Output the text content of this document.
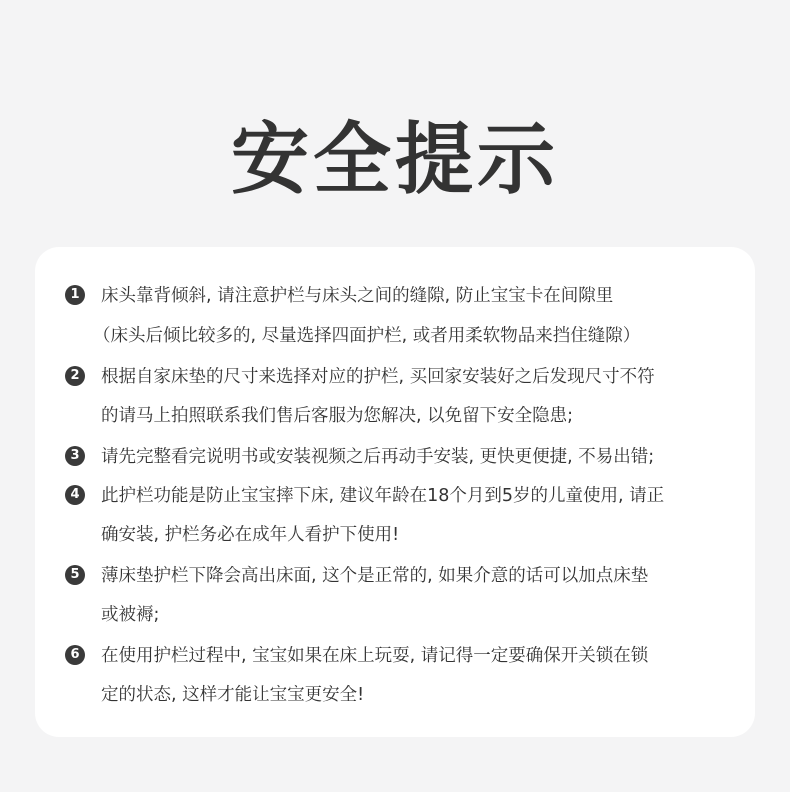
安全提示
1	床头靠背倾斜, 请注意护栏与床头之间的缝隙, 防止宝宝卡在间隙里
（床头后倾比较多的, 尽量选择四面护栏, 或者用柔软物品来挡住缝隙）
2	根据自家床垫的尺寸来选择对应的护栏, 买回家安装好之后发现尺寸不符
的请马上拍照联系我们售后客服为您解决, 以免留下安全隐患;
3	请先完整看完说明书或安装视频之后再动手安装, 更快更便捷, 不易出错;
4	此护栏功能是防止宝宝摔下床, 建议年龄在18个月到5岁的儿童使用, 请正
确安装, 护栏务必在成年人看护下使用!
5	薄床垫护栏下降会高出床面, 这个是正常的, 如果介意的话可以加点床垫
或被褥;
6	在使用护栏过程中, 宝宝如果在床上玩耍, 请记得一定要确保开关锁在锁
定的状态, 这样才能让宝宝更安全!
